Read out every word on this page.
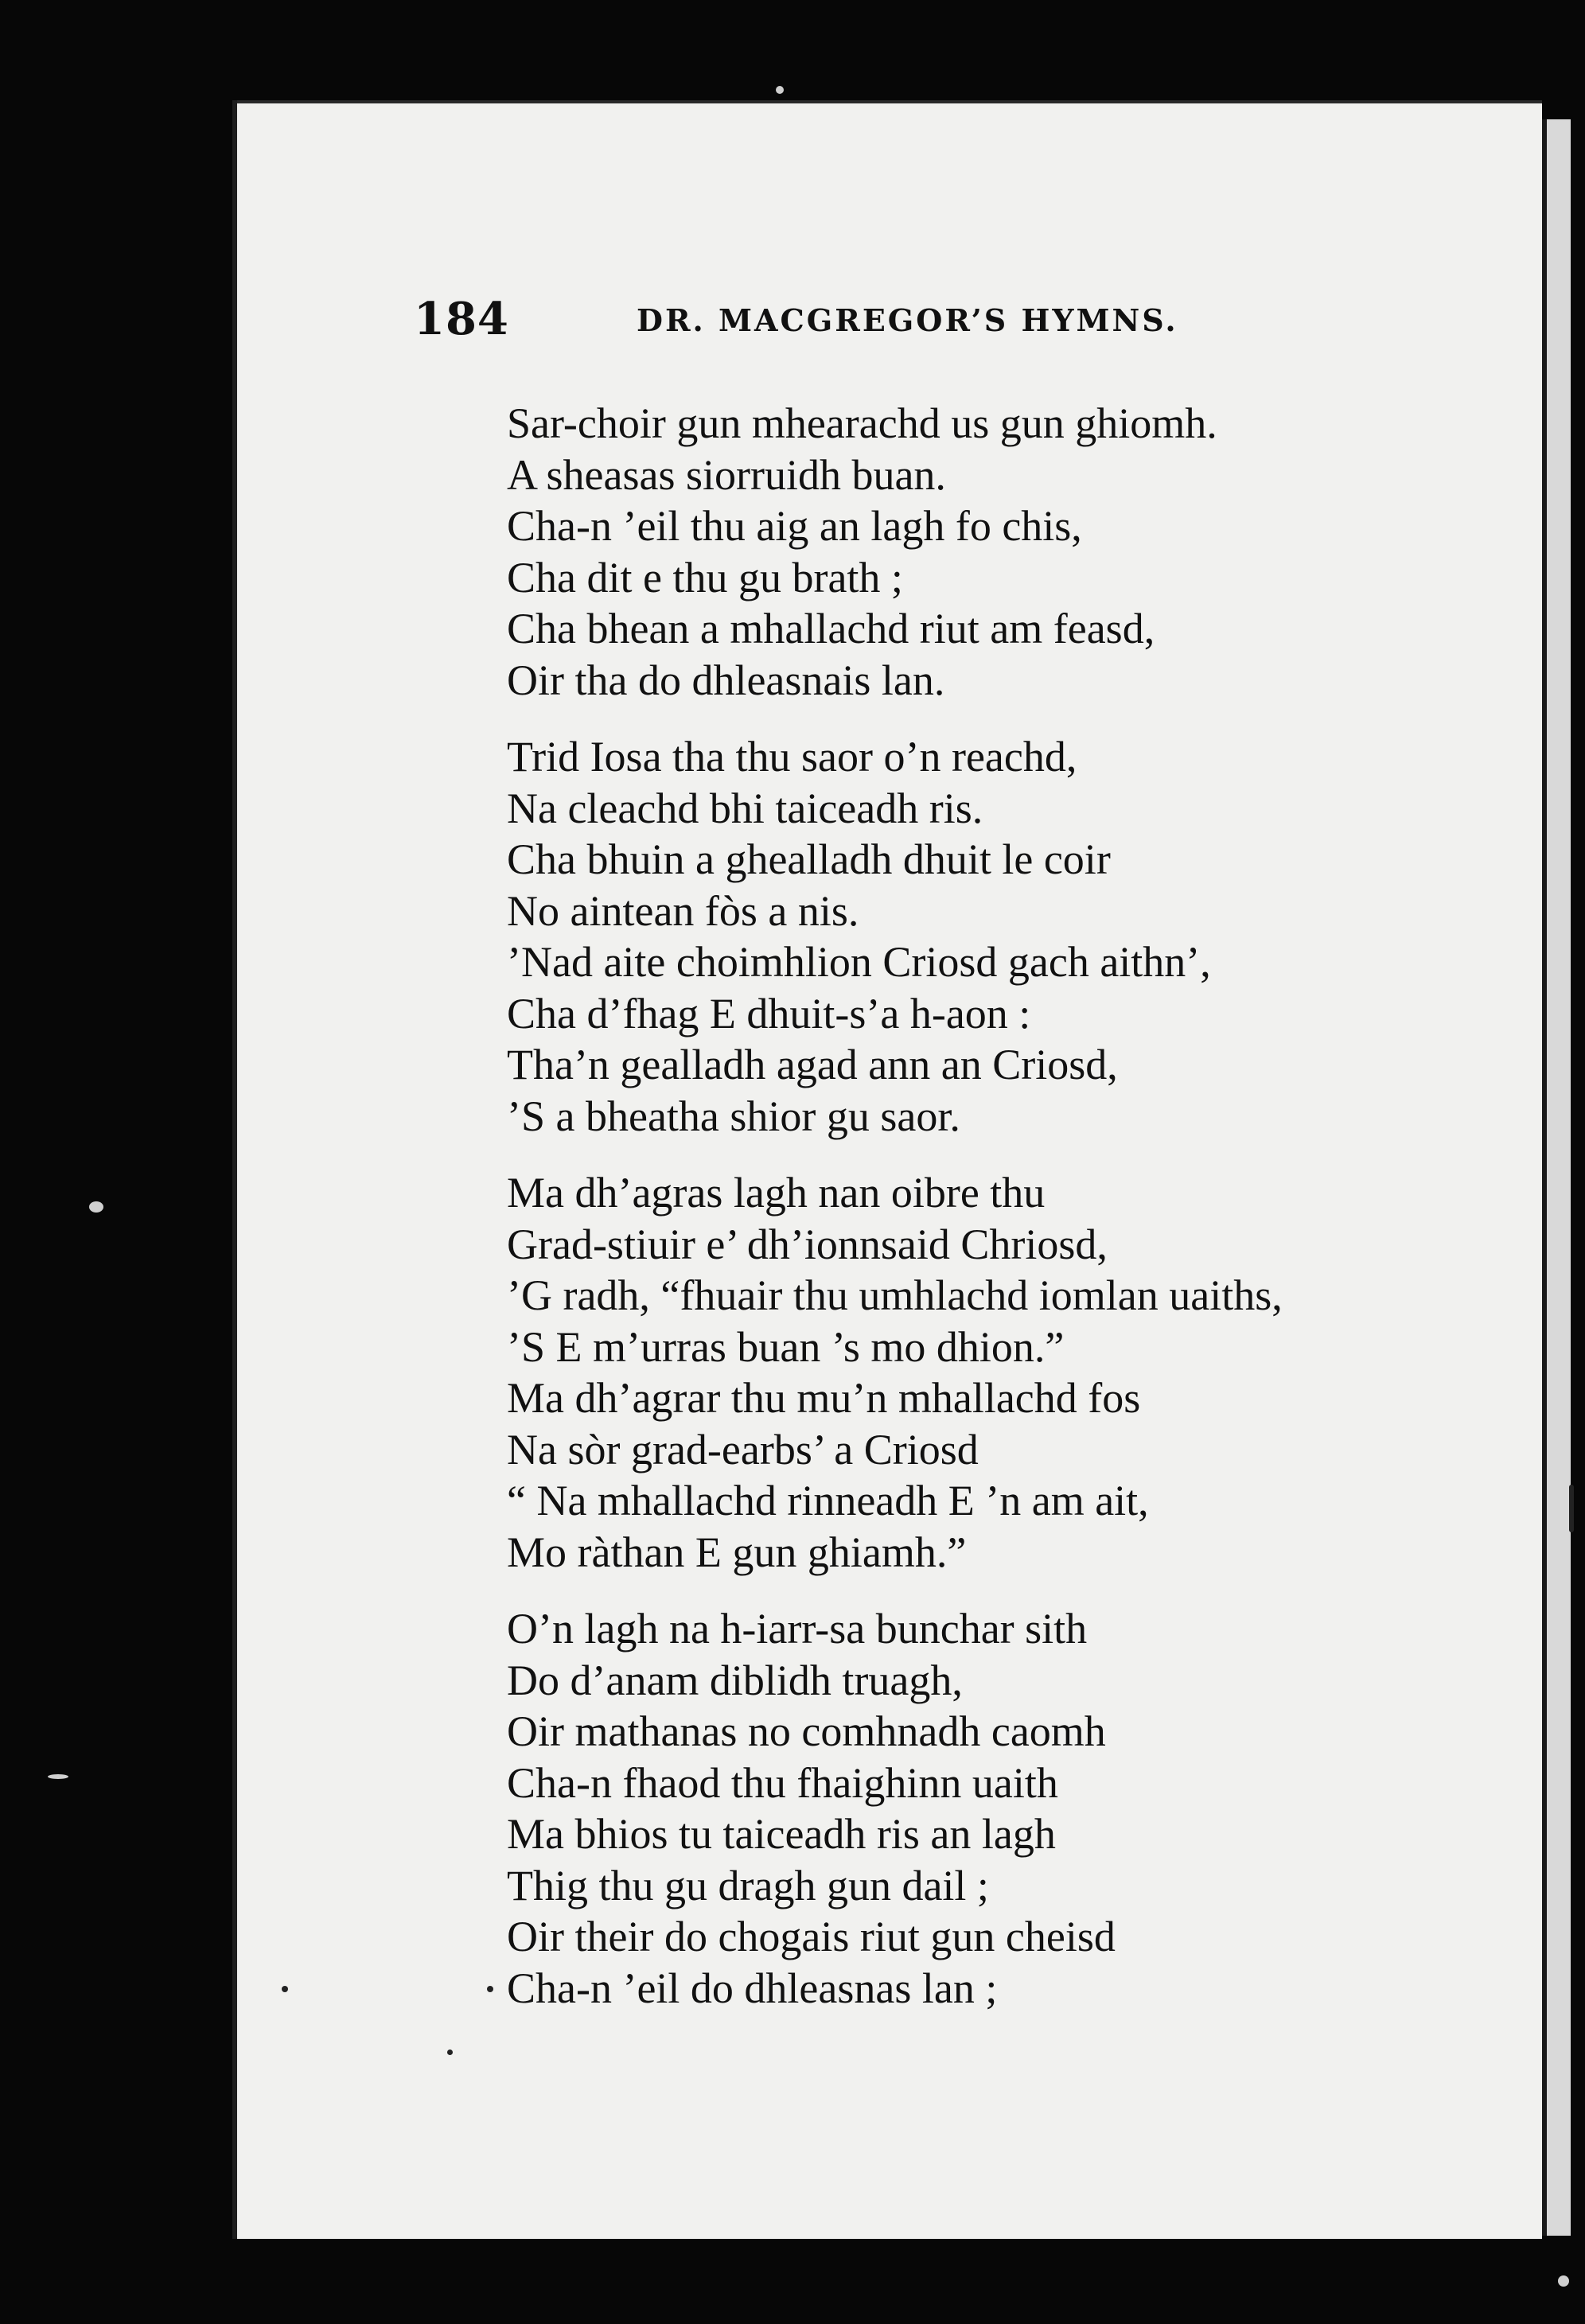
184	DR. MACGREGOR’S HYMNS.
Sar-choir gun mhearachd us gun ghiomh.
A sheasas siorruidh buan.
Cha-n ’eil thu aig an lagh fo chis,
Cha dit e thu gu brath ;
Cha bhean a mhallachd riut am feasd,
Oir tha do dhleasnais lan.
Trid Iosa tha thu saor o’n reachd,
Na cleachd bhi taiceadh ris.
Cha bhuin a ghealladh dhuit le coir
No aintean fòs a nis.
’Nad aite choimhlion Criosd gach aithn’,
Cha d’fhag E dhuit-s’a h-aon :
Tha’n gealladh agad ann an Criosd,
’S a bheatha shior gu saor.
Ma dh’agras lagh nan oibre thu
Grad-stiuir e’ dh’ionnsaid Chriosd,
’G radh, “fhuair thu umhlachd iomlan uaiths,
’S E m’urras buan ’s mo dhion.”
Ma dh’agrar thu mu’n mhallachd fos
Na sòr grad-earbs’ a Criosd
“ Na mhallachd rinneadh E ’n am ait,
Mo ràthan E gun ghiamh.”
O’n lagh na h-iarr-sa bunchar sith
Do d’anam diblidh truagh,
Oir mathanas no comhnadh caomh
Cha-n fhaod thu fhaighinn uaith
Ma bhios tu taiceadh ris an lagh
Thig thu gu dragh gun dail ;
Oir their do chogais riut gun cheisd
Cha-n ’eil do dhleasnas lan ;
